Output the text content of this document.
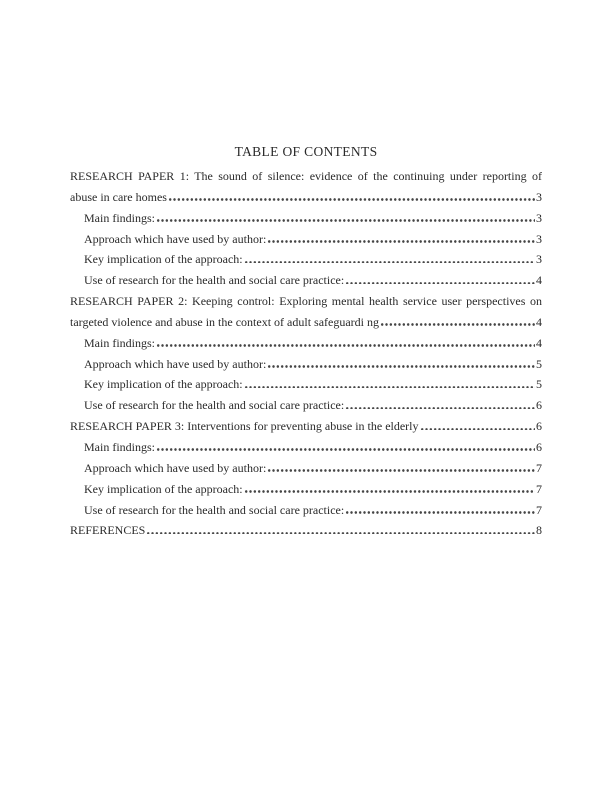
TABLE OF CONTENTS
RESEARCH PAPER 1: The sound of silence: evidence of the continuing under reporting of
abuse in care homes	3
Main findings:	3
Approach which have used by author:	3
Key implication of the approach:	3
Use of research for the health and social care practice:	4
RESEARCH PAPER 2: Keeping control: Exploring mental health service user perspectives on
targeted violence and abuse in the context of adult safeguardi ng	4
Main findings:	4
Approach which have used by author:	5
Key implication of the approach:	5
Use of research for the health and social care practice:	6
RESEARCH PAPER 3: Interventions for preventing abuse in the elderly	6
Main findings:	6
Approach which have used by author:	7
Key implication of the approach:	7
Use of research for the health and social care practice:	7
REFERENCES	8
